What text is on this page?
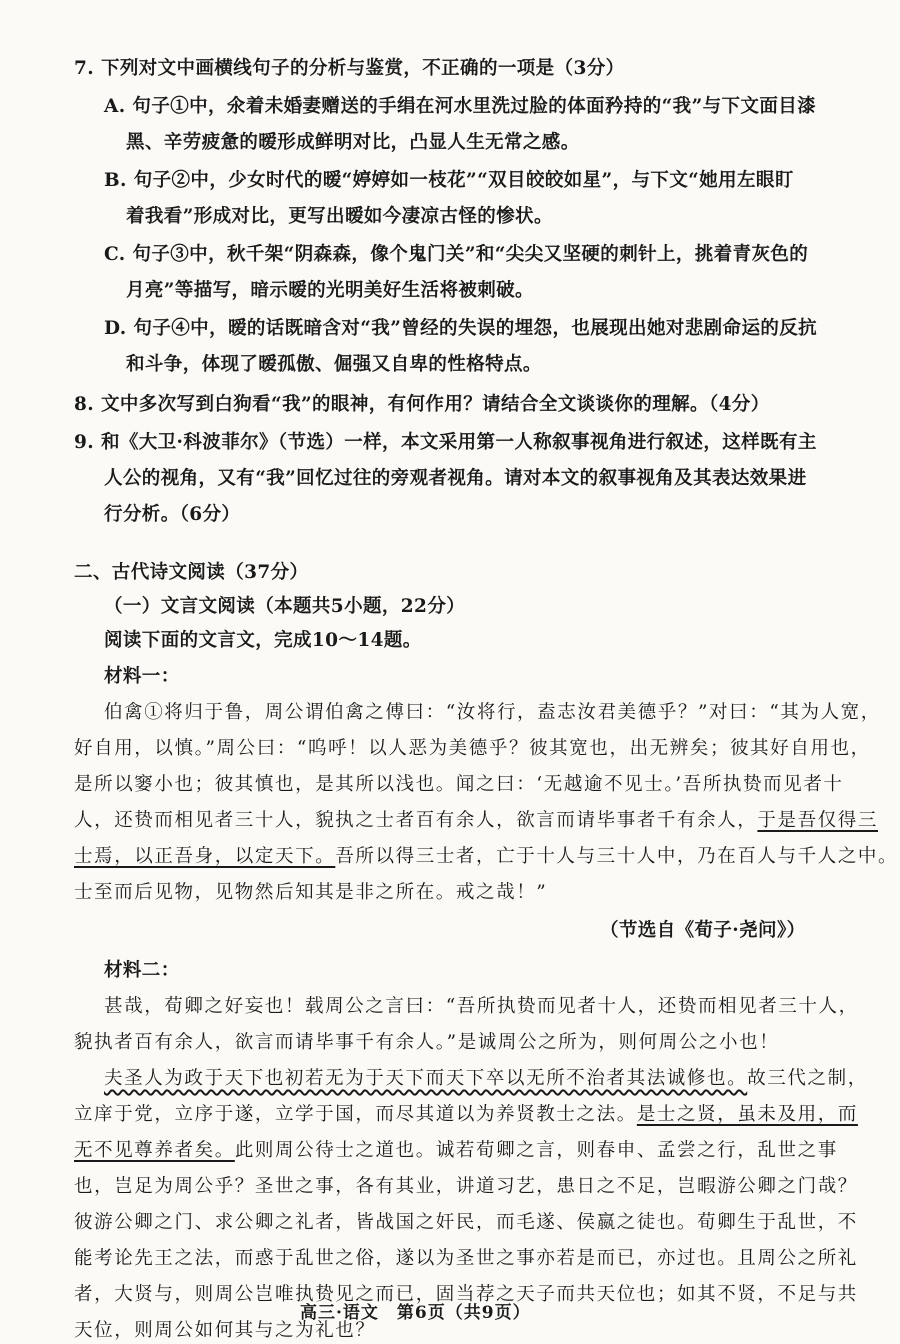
7. 下列对文中画横线句子的分析与鉴赏，不正确的一项是（3分）
A. 句子①中，氽着未婚妻赠送的手绢在河水里洗过脸的体面矜持的“我”与下文面目漆
黑、辛劳疲惫的暧形成鲜明对比，凸显人生无常之感。
B. 句子②中，少女时代的暧“婷婷如一枝花”“双目皎皎如星”，与下文“她用左眼盯
着我看”形成对比，更写出暧如今凄凉古怪的惨状。
C. 句子③中，秋千架“阴森森，像个鬼门关”和“尖尖又坚硬的刺针上，挑着青灰色的
月亮”等描写，暗示暧的光明美好生活将被刺破。
D. 句子④中，暧的话既暗含对“我”曾经的失误的埋怨，也展现出她对悲剧命运的反抗
和斗争，体现了暧孤傲、倔强又自卑的性格特点。
8. 文中多次写到白狗看“我”的眼神，有何作用？请结合全文谈谈你的理解。（4分）
9. 和《大卫·科波菲尔》（节选）一样，本文采用第一人称叙事视角进行叙述，这样既有主
人公的视角，又有“我”回忆过往的旁观者视角。请对本文的叙事视角及其表达效果进
行分析。（6分）
二、古代诗文阅读（37分）
（一）文言文阅读（本题共5小题，22分）
阅读下面的文言文，完成10～14题。
材料一：
伯禽①将归于鲁，周公谓伯禽之傅曰：“汝将行，盍志汝君美德乎？”对曰：“其为人宽，
好自用，以慎。”周公曰：“呜呼！以人恶为美德乎？彼其宽也，出无辨矣；彼其好自用也，
是所以窭小也；彼其慎也，是其所以浅也。闻之曰：‘无越逾不见士。’吾所执贽而见者十
人，还贽而相见者三十人，貌执之士者百有余人，欲言而请毕事者千有余人，于是吾仅得三
士焉，以正吾身，以定天下。吾所以得三士者，亡于十人与三十人中，乃在百人与千人之中。
士至而后见物，见物然后知其是非之所在。戒之哉！”
（节选自《荀子·尧问》）
材料二：
甚哉，荀卿之好妄也！载周公之言曰：“吾所执贽而见者十人，还贽而相见者三十人，
貌执者百有余人，欲言而请毕事千有余人。”是诚周公之所为，则何周公之小也！
夫圣人为政于天下也初若无为于天下而天下卒以无所不治者其法诚修也。故三代之制，
立庠于党，立序于遂，立学于国，而尽其道以为养贤教士之法。是士之贤，虽未及用，而
无不见尊养者矣。此则周公待士之道也。诚若荀卿之言，则春申、孟尝之行，乱世之事
也，岂足为周公乎？圣世之事，各有其业，讲道习艺，患日之不足，岂暇游公卿之门哉？
彼游公卿之门、求公卿之礼者，皆战国之奸民，而毛遂、侯嬴之徒也。荀卿生于乱世，不
能考论先王之法，而惑于乱世之俗，遂以为圣世之事亦若是而已，亦过也。且周公之所礼
者，大贤与，则周公岂唯执贽见之而已，固当荐之天子而共天位也；如其不贤，不足与共
天位，则周公如何其与之为礼也？
高三·语文　第6页（共9页）
